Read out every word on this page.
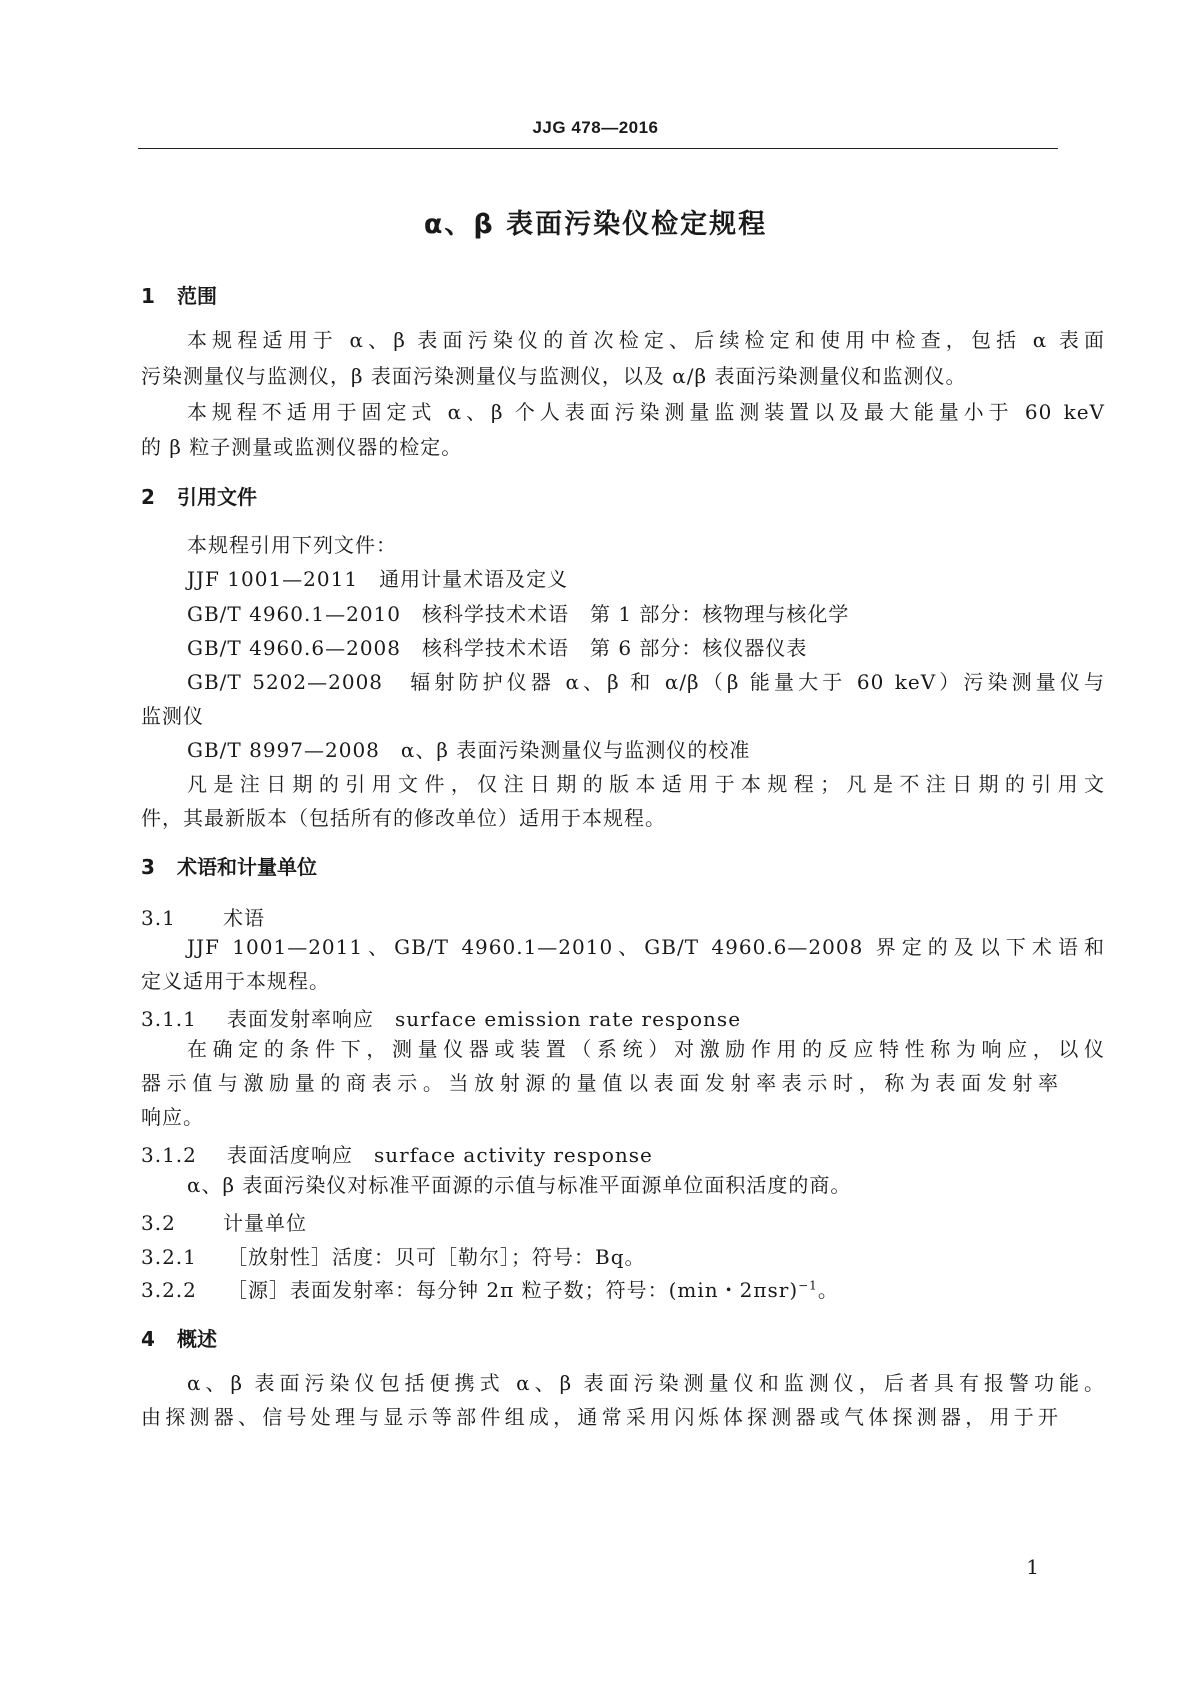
JJG 478—2016
α、β 表面污染仪检定规程
1 范围
本规程适用于 α、β 表面污染仪的首次检定、后续检定和使用中检查，包括 α 表面
污染测量仪与监测仪，β 表面污染测量仪与监测仪，以及 α/β 表面污染测量仪和监测仪。
本规程不适用于固定式 α、β 个人表面污染测量监测装置以及最大能量小于 60 keV
的 β 粒子测量或监测仪器的检定。
2 引用文件
本规程引用下列文件：
JJF 1001—2011　通用计量术语及定义
GB/T 4960.1—2010　核科学技术术语　第 1 部分：核物理与核化学
GB/T 4960.6—2008　核科学技术术语　第 6 部分：核仪器仪表
GB/T 5202—2008　辐射防护仪器 α、β 和 α/β（β 能量大于 60 keV）污染测量仪与
监测仪
GB/T 8997—2008　α、β 表面污染测量仪与监测仪的校准
凡是注日期的引用文件，仅注日期的版本适用于本规程；凡是不注日期的引用文
件，其最新版本（包括所有的修改单位）适用于本规程。
3 术语和计量单位
3.1 术语
JJF 1001—2011、GB/T 4960.1—2010、GB/T 4960.6—2008 界定的及以下术语和
定义适用于本规程。
3.1.1 表面发射率响应　surface emission rate response
在确定的条件下，测量仪器或装置（系统）对激励作用的反应特性称为响应，以仪
器示值与激励量的商表示。当放射源的量值以表面发射率表示时，称为表面发射率
响应。
3.1.2 表面活度响应　surface activity response
α、β 表面污染仪对标准平面源的示值与标准平面源单位面积活度的商。
3.2 计量单位
3.2.1 ［放射性］活度：贝可［勒尔］；符号：Bq。
3.2.2 ［源］表面发射率：每分钟 2π 粒子数；符号：(min・2πsr)$^{-1}$。
4 概述
α、β 表面污染仪包括便携式 α、β 表面污染测量仪和监测仪，后者具有报警功能。
由探测器、信号处理与显示等部件组成，通常采用闪烁体探测器或气体探测器，用于开
1
